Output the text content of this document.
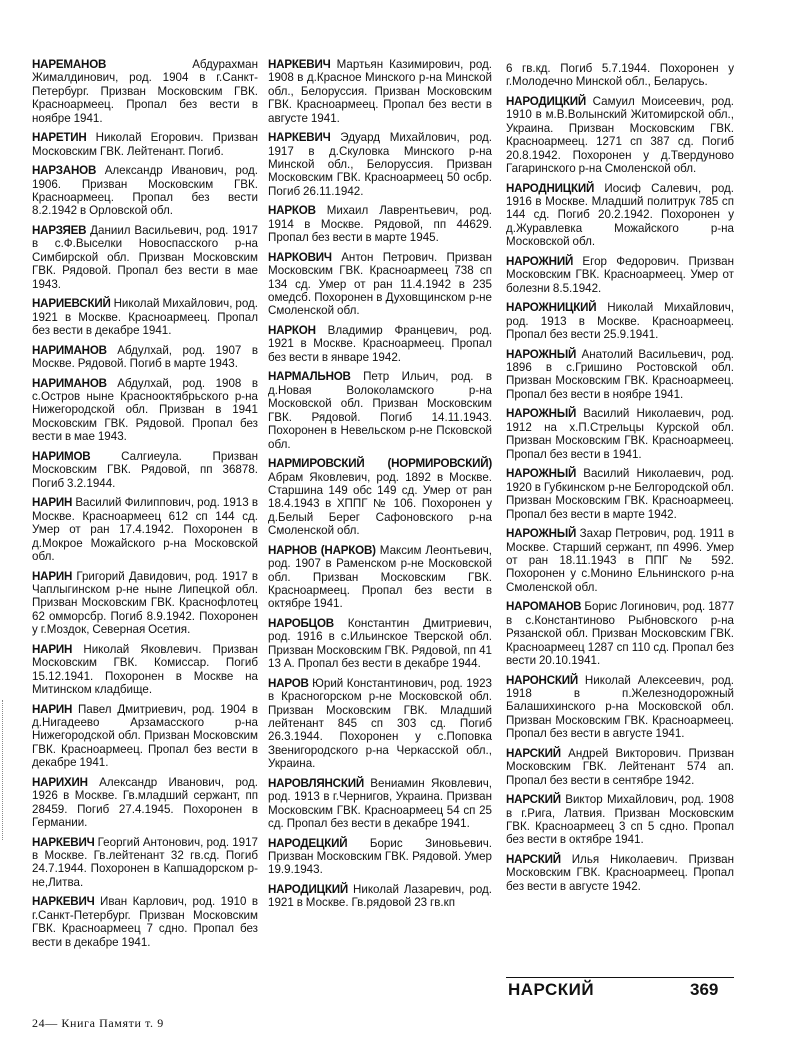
НАРЕМАНОВ	Абдурахман Жималдинович, род. 1904 в г.Санкт-Петербург. Призван Московским ГВК. Красноармеец. Пропал без вести в ноябре 1941.

НАРЕТИН Николай Егорович. Призван Московским ГВК. Лейтенант. Погиб.

НАРЗАНОВ Александр Иванович, род. 1906. Призван Московским ГВК. Красноармеец. Пропал без вести 8.2.1942 в Орловской обл.

НАРЗЯЕВ Даниил Васильевич, род. 1917 в с.Ф.Выселки Новоспасского р-на Симбирской обл. Призван Московским ГВК. Рядовой. Пропал без вести в мае 1943.

НАРИЕВСКИЙ Николай Михайлович, род. 1921 в Москве. Красноармеец. Пропал без вести в декабре 1941.

НАРИМАНОВ Абдулхай, род. 1907 в Москве. Рядовой. Погиб в марте 1943.

НАРИМАНОВ Абдулхай, род. 1908 в с.Остров ныне Краснооктябрьского р-на Нижегородской обл. Призван в 1941 Московским ГВК. Рядовой. Пропал без вести в мае 1943.

НАРИМОВ	Салгиеула. Призван Московским ГВК. Рядовой, пп 36878. Погиб 3.2.1944.

НАРИН Василий Филиппович, род. 1913 в Москве. Красноармеец 612 сп 144 сд. Умер от ран 17.4.1942. Похоронен в д.Мокрое Можайского р-на Московской обл.

НАРИН Григорий Давидович, род. 1917 в Чаплыгинском р-не ныне Липецкой обл. Призван Московским ГВК. Краснофлотец 62 омморсбр. Погиб 8.9.1942. Похоронен у г.Моздок, Северная Осетия.

НАРИН Николай Яковлевич. Призван Московским ГВК. Комиссар. Погиб 15.12.1941. Похоронен в Москве на Митинском кладбище.

НАРИН Павел Дмитриевич, род. 1904 в д.Нигадеево Арзамасского р-на Нижегородской обл. Призван Московским ГВК. Красноармеец. Пропал без вести в декабре 1941.

НАРИХИН Александр Иванович, род. 1926 в Москве. Гв.младший сержант, пп 28459. Погиб 27.4.1945. Похоронен в Германии.

НАРКЕВИЧ Георгий Антонович, род. 1917 в Москве. Гв.лейтенант 32 гв.сд. Погиб 24.7.1944. Похоронен в Капшадорском р-не,Литва.

НАРКЕВИЧ Иван Карлович, род. 1910 в г.Санкт-Петербург. Призван Московским ГВК. Красноармеец 7 сдно. Пропал без вести в декабре 1941.

НАРКЕВИЧ Мартьян Казимирович, род. 1908 в д.Красное Минского р-на Минской обл., Белоруссия. Призван Московским ГВК. Красноармеец. Пропал без вести в августе 1941.

НАРКЕВИЧ Эдуард Михайлович, род. 1917 в д.Скуловка Минского р-на Минской обл., Белоруссия. Призван Московским ГВК. Красноармеец 50 осбр. Погиб 26.11.1942.

НАРКОВ Михаил Лаврентьевич, род. 1914 в Москве. Рядовой, пп 44629. Пропал без вести в марте 1945.

НАРКОВИЧ Антон Петрович. Призван Московским ГВК. Красноармеец 738 сп 134 сд. Умер от ран 11.4.1942 в 235 омедсб. Похоронен в Духовщинском р-не Смоленской обл.

НАРКОН Владимир Францевич, род. 1921 в Москве. Красноармеец. Пропал без вести в январе 1942.

НАРМАЛЬНОВ Петр Ильич, род. в д.Новая Волоколамского р-на Московской обл. Призван Московским ГВК. Рядовой. Погиб 14.11.1943. Похоронен в Невельском р-не Псковской обл.

НАРМИРОВСКИЙ (НОРМИРОВСКИЙ) Абрам Яковлевич, род. 1892 в Москве. Старшина 149 обс 149 сд. Умер от ран 18.4.1943 в ХППГ № 106. Похоронен у д.Белый Берег Сафоновского р-на Смоленской обл.

НАРНОВ (НАРКОВ) Максим Леонтьевич, род. 1907 в Раменском р-не Московской обл. Призван Московским ГВК. Красноармеец. Пропал без вести в октябре 1941.

НАРОБЦОВ Константин Дмитриевич, род. 1916 в с.Ильинское Тверской обл. Призван Московским ГВК. Рядовой, пп 41 13 А. Пропал без вести в декабре 1944.

НАРОВ Юрий Константинович, род. 1923 в Красногорском р-не Московской обл. Призван Московским ГВК. Младший лейтенант 845 сп 303 сд. Погиб 26.3.1944. Похоронен у с.Поповка Звенигородского р-на Черкасской обл., Украина.

НАРОВЛЯНСКИЙ Вениамин Яковлевич, род. 1913 в г.Чернигов, Украина. Призван Московским ГВК. Красноармеец 54 сп 25 сд. Пропал без вести в декабре 1941.

НАРОДЕЦКИЙ Борис Зиновьевич. Призван Московским ГВК. Рядовой. Умер 19.9.1943.

НАРОДИЦКИЙ Николай Лазаревич, род. 1921 в Москве. Гв.рядовой 23 гв.кп

6 гв.кд. Погиб 5.7.1944. Похоронен у г.Молодечно Минской обл., Беларусь.

НАРОДИЦКИЙ Самуил Моисеевич, род. 1910 в м.В.Волынский Житомирской обл., Украина. Призван Московским ГВК. Красноармеец. 1271 сп 387 сд. Погиб 20.8.1942. Похоронен у д.Твердуново Гагаринского р-на Смоленской обл.

НАРОДНИЦКИЙ Иосиф Салевич, род. 1916 в Москве. Младший политрук 785 сп 144 сд. Погиб 20.2.1942. Похоронен у д.Журавлевка Можайского р-на Московской обл.

НАРОЖНИЙ Егор Федорович. Призван Московским ГВК. Красноармеец. Умер от болезни 8.5.1942.

НАРОЖНИЦКИЙ Николай Михайлович, род. 1913 в Москве. Красноармеец. Пропал без вести 25.9.1941.

НАРОЖНЫЙ Анатолий Васильевич, род. 1896 в с.Гришино Ростовской обл. Призван Московским ГВК. Красноармеец. Пропал без вести в ноябре 1941.

НАРОЖНЫЙ Василий Николаевич, род. 1912 на х.П.Стрельцы Курской обл. Призван Московским ГВК. Красноармеец. Пропал без вести в 1941.

НАРОЖНЫЙ Василий Николаевич, род. 1920 в Губкинском р-не Белгородской обл. Призван Московским ГВК. Красноармеец. Пропал без вести в марте 1942.

НАРОЖНЫЙ Захар Петрович, род. 1911 в Москве. Старший сержант, пп 4996. Умер от ран 18.11.1943 в ППГ № 592. Похоронен у с.Монино Ельнинского р-на Смоленской обл.

НАРОМАНОВ Борис Логинович, род. 1877 в с.Константиново Рыбновского р-на Рязанской обл. Призван Московским ГВК. Красноармеец 1287 сп 110 сд. Пропал без вести 20.10.1941.

НАРОНСКИЙ Николай Алексеевич, род. 1918 в п.Железнодорожный Балашихинского р-на Московской обл. Призван Московским ГВК. Красноармеец. Пропал без вести в августе 1941.

НАРСКИЙ Андрей Викторович. Призван Московским ГВК. Лейтенант 574 ап. Пропал без вести в сентябре 1942.

НАРСКИЙ Виктор Михайлович, род. 1908 в г.Рига, Латвия. Призван Московским ГВК. Красноармеец 3 сп 5 сдно. Пропал без вести в октябре 1941.

НАРСКИЙ Илья Николаевич. Призван Московским ГВК. Красноармеец. Пропал без вести в августе 1942.

НАРСКИЙ	369
24— Книга Памяти т. 9
